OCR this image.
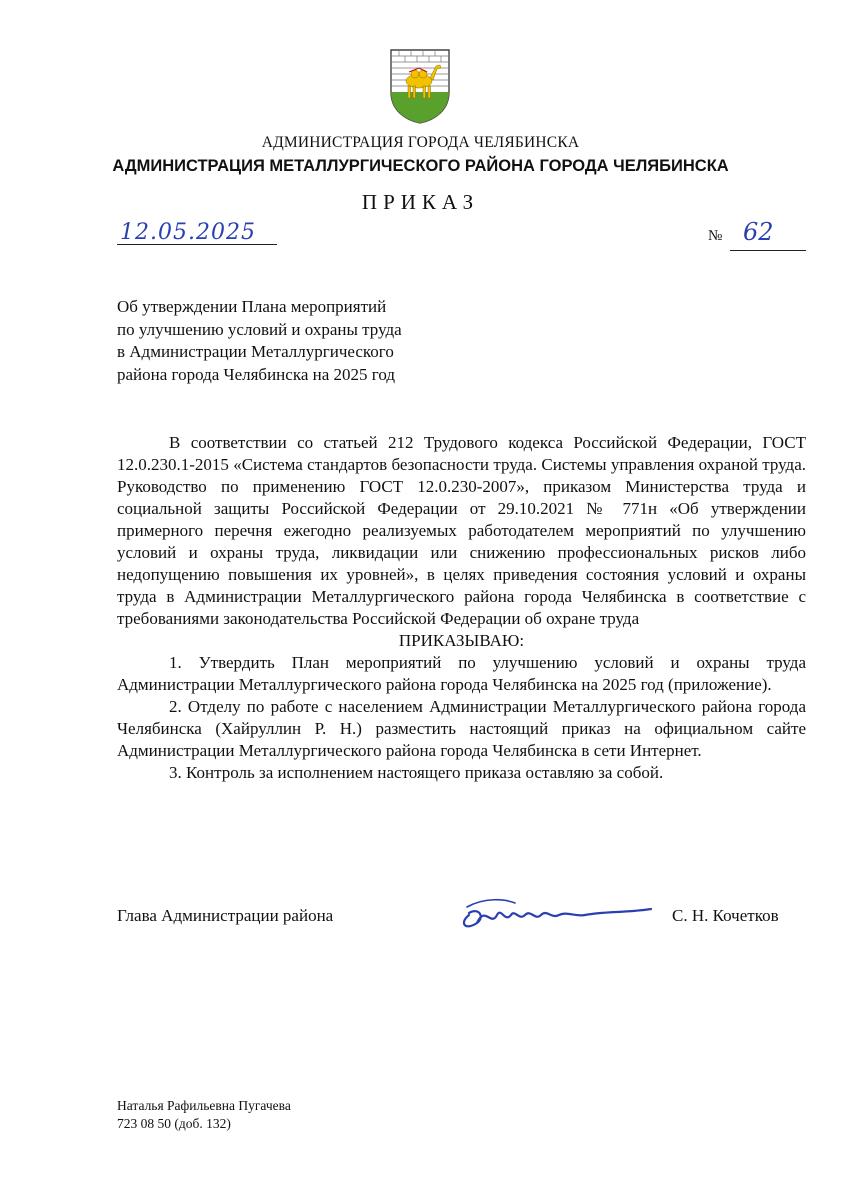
АДМИНИСТРАЦИЯ ГОРОДА ЧЕЛЯБИНСКА
АДМИНИСТРАЦИЯ МЕТАЛЛУРГИЧЕСКОГО РАЙОНА ГОРОДА ЧЕЛЯБИНСКА
ПРИКАЗ
12.05.2025	№ 62
Об утверждении Плана мероприятий
по улучшению условий и охраны труда
в Администрации Металлургического
района города Челябинска на 2025 год

В соответствии со статьей 212 Трудового кодекса Российской Федерации, ГОСТ 12.0.230.1-2015 «Система стандартов безопасности труда. Системы управления охраной труда. Руководство по применению ГОСТ 12.0.230-2007», приказом Министерства труда и социальной защиты Российской Федерации от 29.10.2021 № 771н «Об утверждении примерного перечня ежегодно реализуемых работодателем мероприятий по улучшению условий и охраны труда, ликвидации или снижению профессиональных рисков либо недопущению повышения их уровней», в целях приведения состояния условий и охраны труда в Администрации Металлургического района города Челябинска в соответствие с требованиями законодательства Российской Федерации об охране труда

ПРИКАЗЫВАЮ:

1. Утвердить План мероприятий по улучшению условий и охраны труда Администрации Металлургического района города Челябинска на 2025 год (приложение).

2. Отделу по работе с населением Администрации Металлургического района города Челябинска (Хайруллин Р. Н.) разместить настоящий приказ на официальном сайте Администрации Металлургического района города Челябинска в сети Интернет.

3. Контроль за исполнением настоящего приказа оставляю за собой.

Глава Администрации района	С. Н. Кочетков
Наталья Рафильевна Пугачева
723 08 50 (доб. 132)
